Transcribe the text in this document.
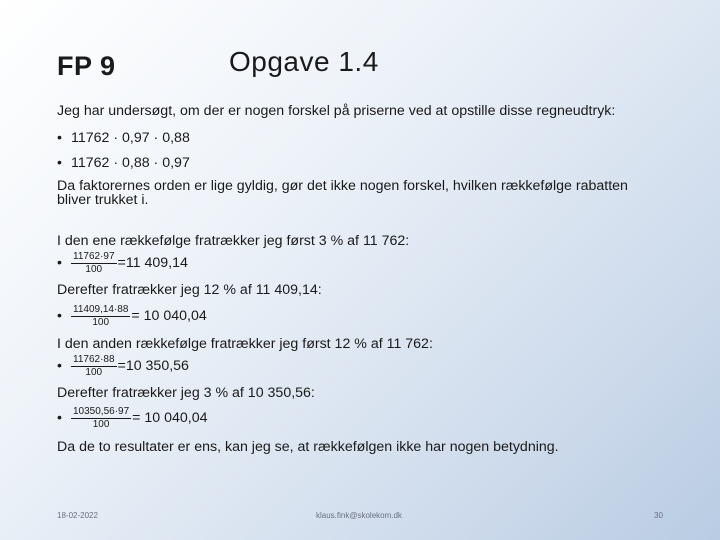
FP 9	Opgave 1.4
Jeg har undersøgt, om der er nogen forskel på priserne ved at opstille disse regneudtryk:
• 11762 · 0,97 · 0,88
• 11762 · 0,88 · 0,97
Da faktorernes orden er lige gyldig, gør det ikke nogen forskel, hvilken rækkefølge rabatten
bliver trukket i.
I den ene rækkefølge fratrækker jeg først 3 % af 11 762:
• $\frac{11762\cdot 97}{100} =11$ 409,14
Derefter fratrækker jeg 12 % af 11 409,14:
• $\frac{11409,14\cdot 88}{100} = 10$ 040,04
I den anden rækkefølge fratrækker jeg først 12 % af 11 762:
• $\frac{11762\cdot 88}{100} =10$ 350,56
Derefter fratrækker jeg 3 % af 10 350,56:
• $\frac{10350,56\cdot 97}{100} = 10$ 040,04
Da de to resultater er ens, kan jeg se, at rækkefølgen ikke har nogen betydning.
18-02-2022	klaus.fink@skolekom.dk	30
